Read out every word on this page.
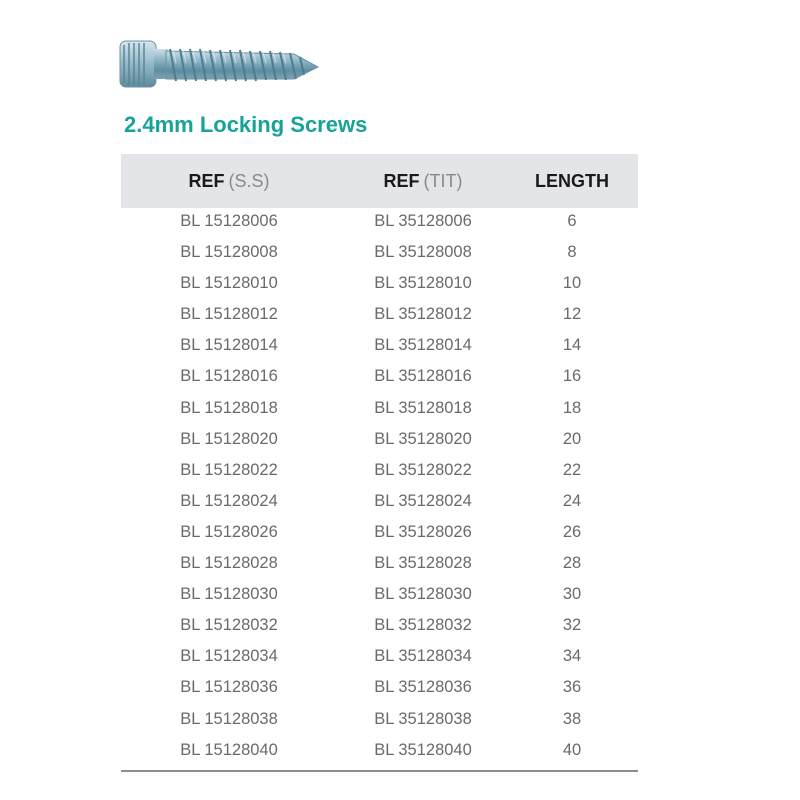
2.4mm Locking Screws
REF (S.S)	REF (TIT)	LENGTH
BL 15128006	BL 35128006	6
BL 15128008	BL 35128008	8
BL 15128010	BL 35128010	10
BL 15128012	BL 35128012	12
BL 15128014	BL 35128014	14
BL 15128016	BL 35128016	16
BL 15128018	BL 35128018	18
BL 15128020	BL 35128020	20
BL 15128022	BL 35128022	22
BL 15128024	BL 35128024	24
BL 15128026	BL 35128026	26
BL 15128028	BL 35128028	28
BL 15128030	BL 35128030	30
BL 15128032	BL 35128032	32
BL 15128034	BL 35128034	34
BL 15128036	BL 35128036	36
BL 15128038	BL 35128038	38
BL 15128040	BL 35128040	40
